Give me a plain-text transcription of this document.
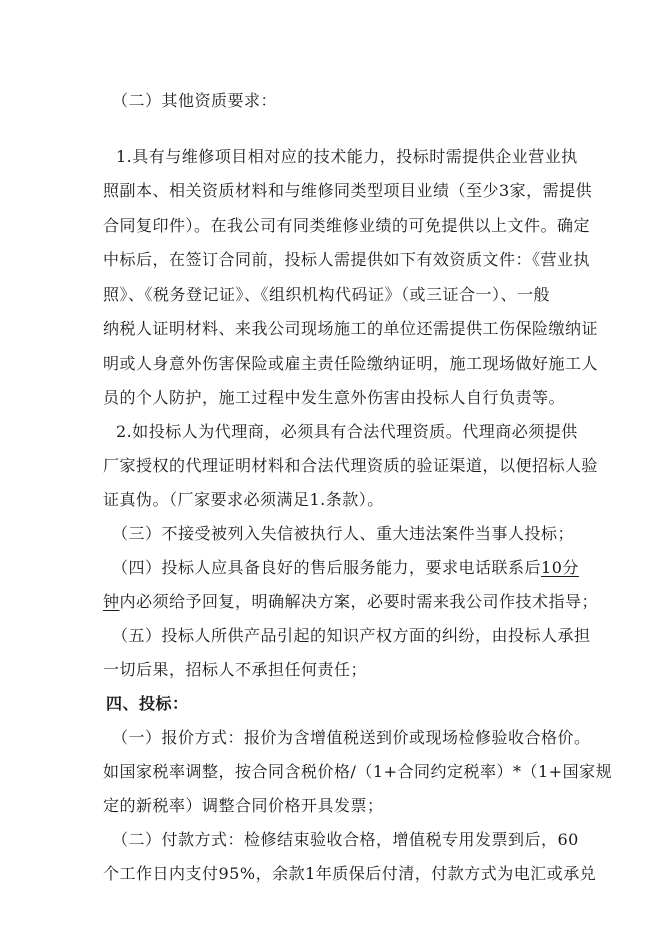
（二）其他资质要求：
1.具有与维修项目相对应的技术能力，投标时需提供企业营业执
照副本、相关资质材料和与维修同类型项目业绩（至少3家，需提供
合同复印件）。在我公司有同类维修业绩的可免提供以上文件。确定
中标后，在签订合同前，投标人需提供如下有效资质文件：《营业执
照》、《税务登记证》、《组织机构代码证》（或三证合一）、一般
纳税人证明材料、来我公司现场施工的单位还需提供工伤保险缴纳证
明或人身意外伤害保险或雇主责任险缴纳证明，施工现场做好施工人
员的个人防护，施工过程中发生意外伤害由投标人自行负责等。
2.如投标人为代理商，必须具有合法代理资质。代理商必须提供
厂家授权的代理证明材料和合法代理资质的验证渠道，以便招标人验
证真伪。（厂家要求必须满足1.条款）。
（三）不接受被列入失信被执行人、重大违法案件当事人投标；
（四）投标人应具备良好的售后服务能力，要求电话联系后10分
钟内必须给予回复，明确解决方案，必要时需来我公司作技术指导；
（五）投标人所供产品引起的知识产权方面的纠纷，由投标人承担
一切后果，招标人不承担任何责任；
四、投标：
（一）报价方式：报价为含增值税送到价或现场检修验收合格价。
如国家税率调整，按合同含税价格/（1+合同约定税率）*（1+国家规
定的新税率）调整合同价格开具发票；
（二）付款方式：检修结束验收合格，增值税专用发票到后，60
个工作日内支付95%，余款1年质保后付清，付款方式为电汇或承兑
